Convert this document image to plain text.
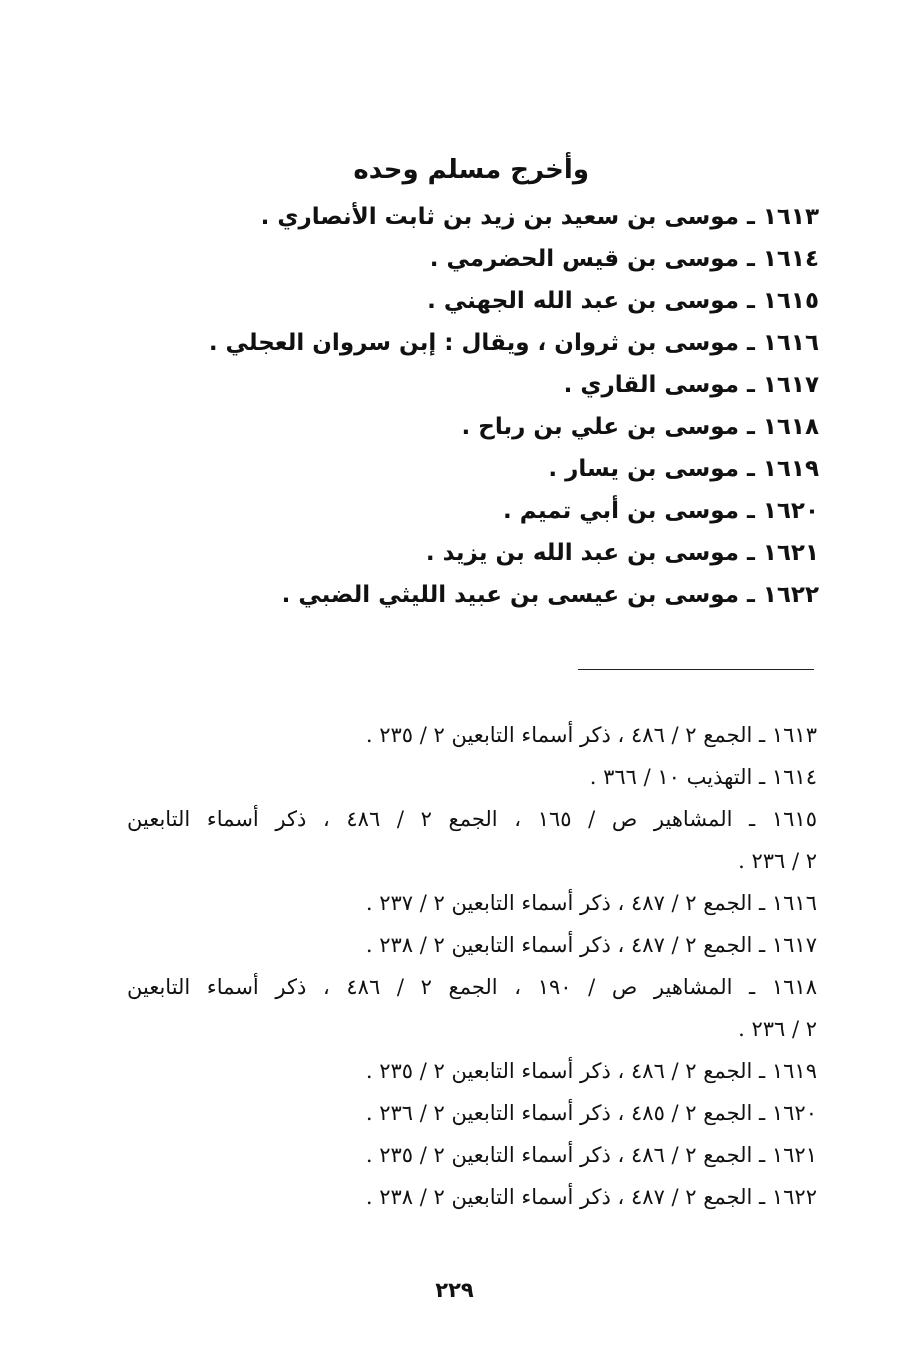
وأخرج مسلم وحده
١٦١٣ ـ موسى بن سعيد بن زيد بن ثابت الأنصاري .
١٦١٤ ـ موسى بن قيس الحضرمي .
١٦١٥ ـ موسى بن عبد الله الجهني .
١٦١٦ ـ موسى بن ثروان ، ويقال : إبن سروان العجلي .
١٦١٧ ـ موسى القاري .
١٦١٨ ـ موسى بن علي بن رباح .
١٦١٩ ـ موسى بن يسار .
١٦٢٠ ـ موسى بن أبي تميم .
١٦٢١ ـ موسى بن عبد الله بن يزيد .
١٦٢٢ ـ موسى بن عيسى بن عبيد الليثي الضبي .
١٦١٣ ـ الجمع ٢ / ٤٨٦ ، ذكر أسماء التابعين ٢ / ٢٣٥ .
١٦١٤ ـ التهذيب ١٠ / ٣٦٦ .
١٦١٥ ـ المشاهير ص / ١٦٥ ، الجمع ٢ / ٤٨٦ ، ذكر أسماء التابعين
٢ / ٢٣٦ .
١٦١٦ ـ الجمع ٢ / ٤٨٧ ، ذكر أسماء التابعين ٢ / ٢٣٧ .
١٦١٧ ـ الجمع ٢ / ٤٨٧ ، ذكر أسماء التابعين ٢ / ٢٣٨ .
١٦١٨ ـ المشاهير ص / ١٩٠ ، الجمع ٢ / ٤٨٦ ، ذكر أسماء التابعين
٢ / ٢٣٦ .
١٦١٩ ـ الجمع ٢ / ٤٨٦ ، ذكر أسماء التابعين ٢ / ٢٣٥ .
١٦٢٠ ـ الجمع ٢ / ٤٨٥ ، ذكر أسماء التابعين ٢ / ٢٣٦ .
١٦٢١ ـ الجمع ٢ / ٤٨٦ ، ذكر أسماء التابعين ٢ / ٢٣٥ .
١٦٢٢ ـ الجمع ٢ / ٤٨٧ ، ذكر أسماء التابعين ٢ / ٢٣٨ .
٢٢٩
